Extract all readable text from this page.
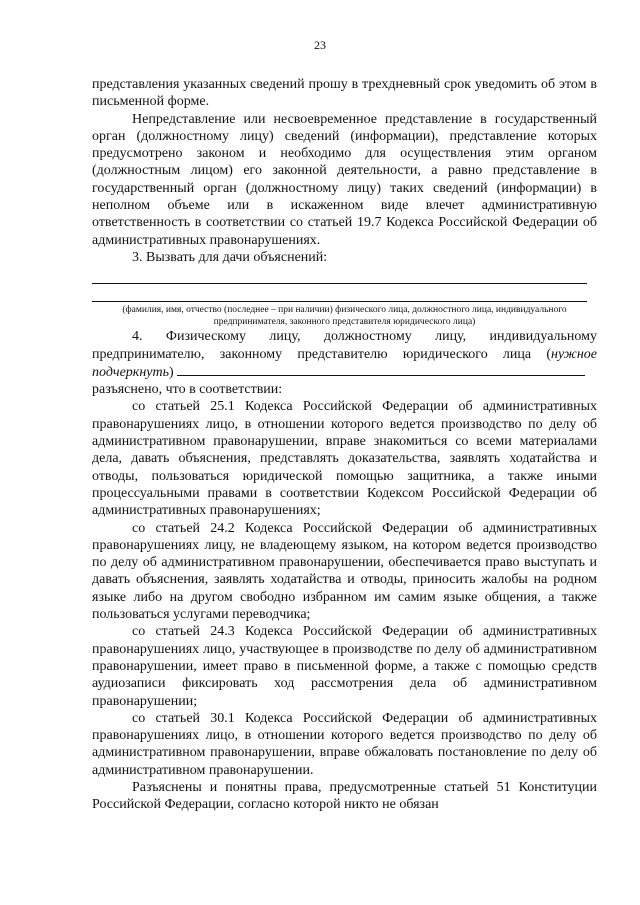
23

представления указанных сведений прошу в трехдневный срок уведомить об этом в письменной форме.

Непредставление или несвоевременное представление в государственный орган (должностному лицу) сведений (информации), представление которых предусмотрено законом и необходимо для осуществления этим органом (должностным лицом) его законной деятельности, а равно представление в государственный орган (должностному лицу) таких сведений (информации) в неполном объеме или в искаженном виде влечет административную ответственность в соответствии со статьей 19.7 Кодекса Российской Федерации об административных правонарушениях.

3. Вызвать для дачи объяснений:

(фамилия, имя, отчество (последнее – при наличии) физического лица, должностного лица, индивидуального предпринимателя, законного представителя юридического лица)

4. Физическому лицу, должностному лицу, индивидуальному предпринимателю, законному представителю юридического лица (нужное подчеркнуть)

разъяснено, что в соответствии:

со статьей 25.1 Кодекса Российской Федерации об административных правонарушениях лицо, в отношении которого ведется производство по делу об административном правонарушении, вправе знакомиться со всеми материалами дела, давать объяснения, представлять доказательства, заявлять ходатайства и отводы, пользоваться юридической помощью защитника, а также иными процессуальными правами в соответствии Кодексом Российской Федерации об административных правонарушениях;

со статьей 24.2 Кодекса Российской Федерации об административных правонарушениях лицу, не владеющему языком, на котором ведется производство по делу об административном правонарушении, обеспечивается право выступать и давать объяснения, заявлять ходатайства и отводы, приносить жалобы на родном языке либо на другом свободно избранном им самим языке общения, а также пользоваться услугами переводчика;

со статьей 24.3 Кодекса Российской Федерации об административных правонарушениях лицо, участвующее в производстве по делу об административном правонарушении, имеет право в письменной форме, а также с помощью средств аудиозаписи фиксировать ход рассмотрения дела об административном правонарушении;

со статьей 30.1 Кодекса Российской Федерации об административных правонарушениях лицо, в отношении которого ведется производство по делу об административном правонарушении, вправе обжаловать постановление по делу об административном правонарушении.

Разъяснены и понятны права, предусмотренные статьей 51 Конституции Российской Федерации, согласно которой никто не обязан
